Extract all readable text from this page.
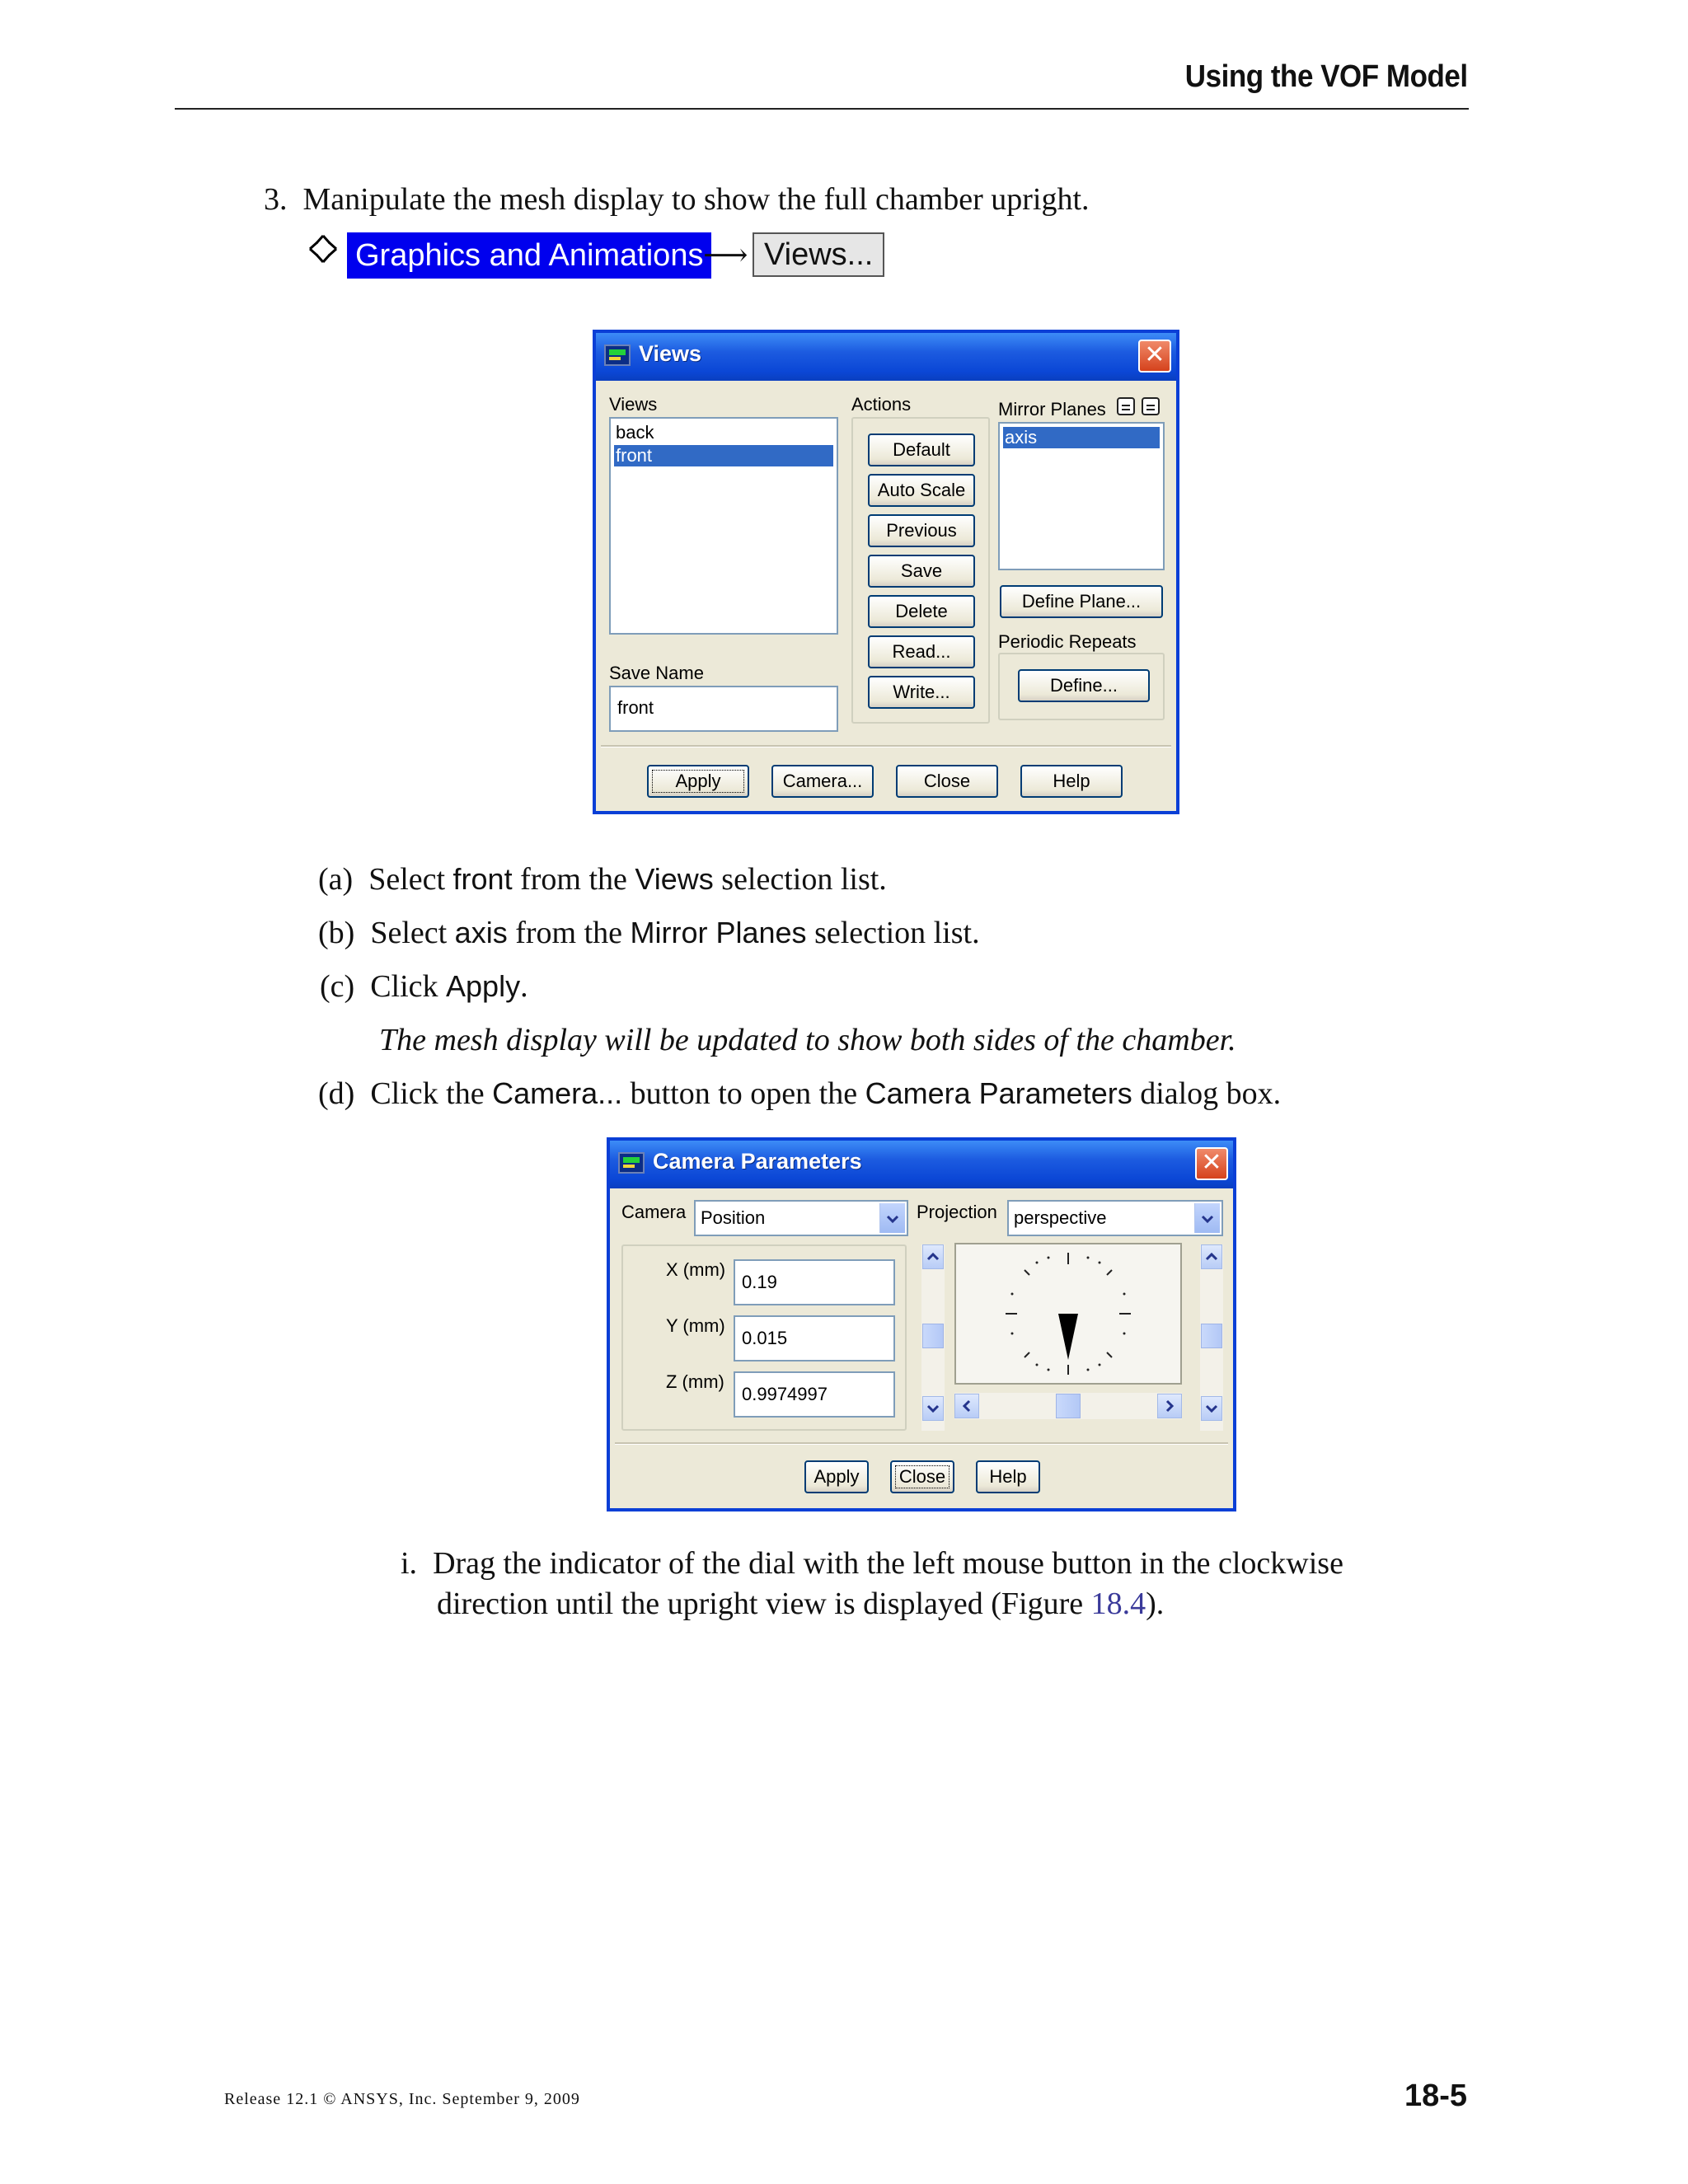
Using the VOF Model
3. Manipulate the mesh display to show the full chamber upright.
Graphics and Animations ⟶ Views...
Views	✕
Views
back
front
Save Name
front
Actions
Default
Auto Scale
Previous
Save
Delete
Read...
Write...
Mirror Planes
axis
Define Plane...
Periodic Repeats
Define...
Apply	Camera...	Close	Help
(a) Select front from the Views selection list.
(b) Select axis from the Mirror Planes selection list.
(c) Click Apply.
The mesh display will be updated to show both sides of the chamber.
(d) Click the Camera... button to open the Camera Parameters dialog box.
Camera Parameters	✕
Camera Position	Projection perspective
X (mm)
0.19
Y (mm)
0.015
Z (mm)
0.9974997
Apply	Close	Help
i. Drag the indicator of the dial with the left mouse button in the clockwise
direction until the upright view is displayed (Figure 18.4).
Release 12.1 © ANSYS, Inc. September 9, 2009	18-5
